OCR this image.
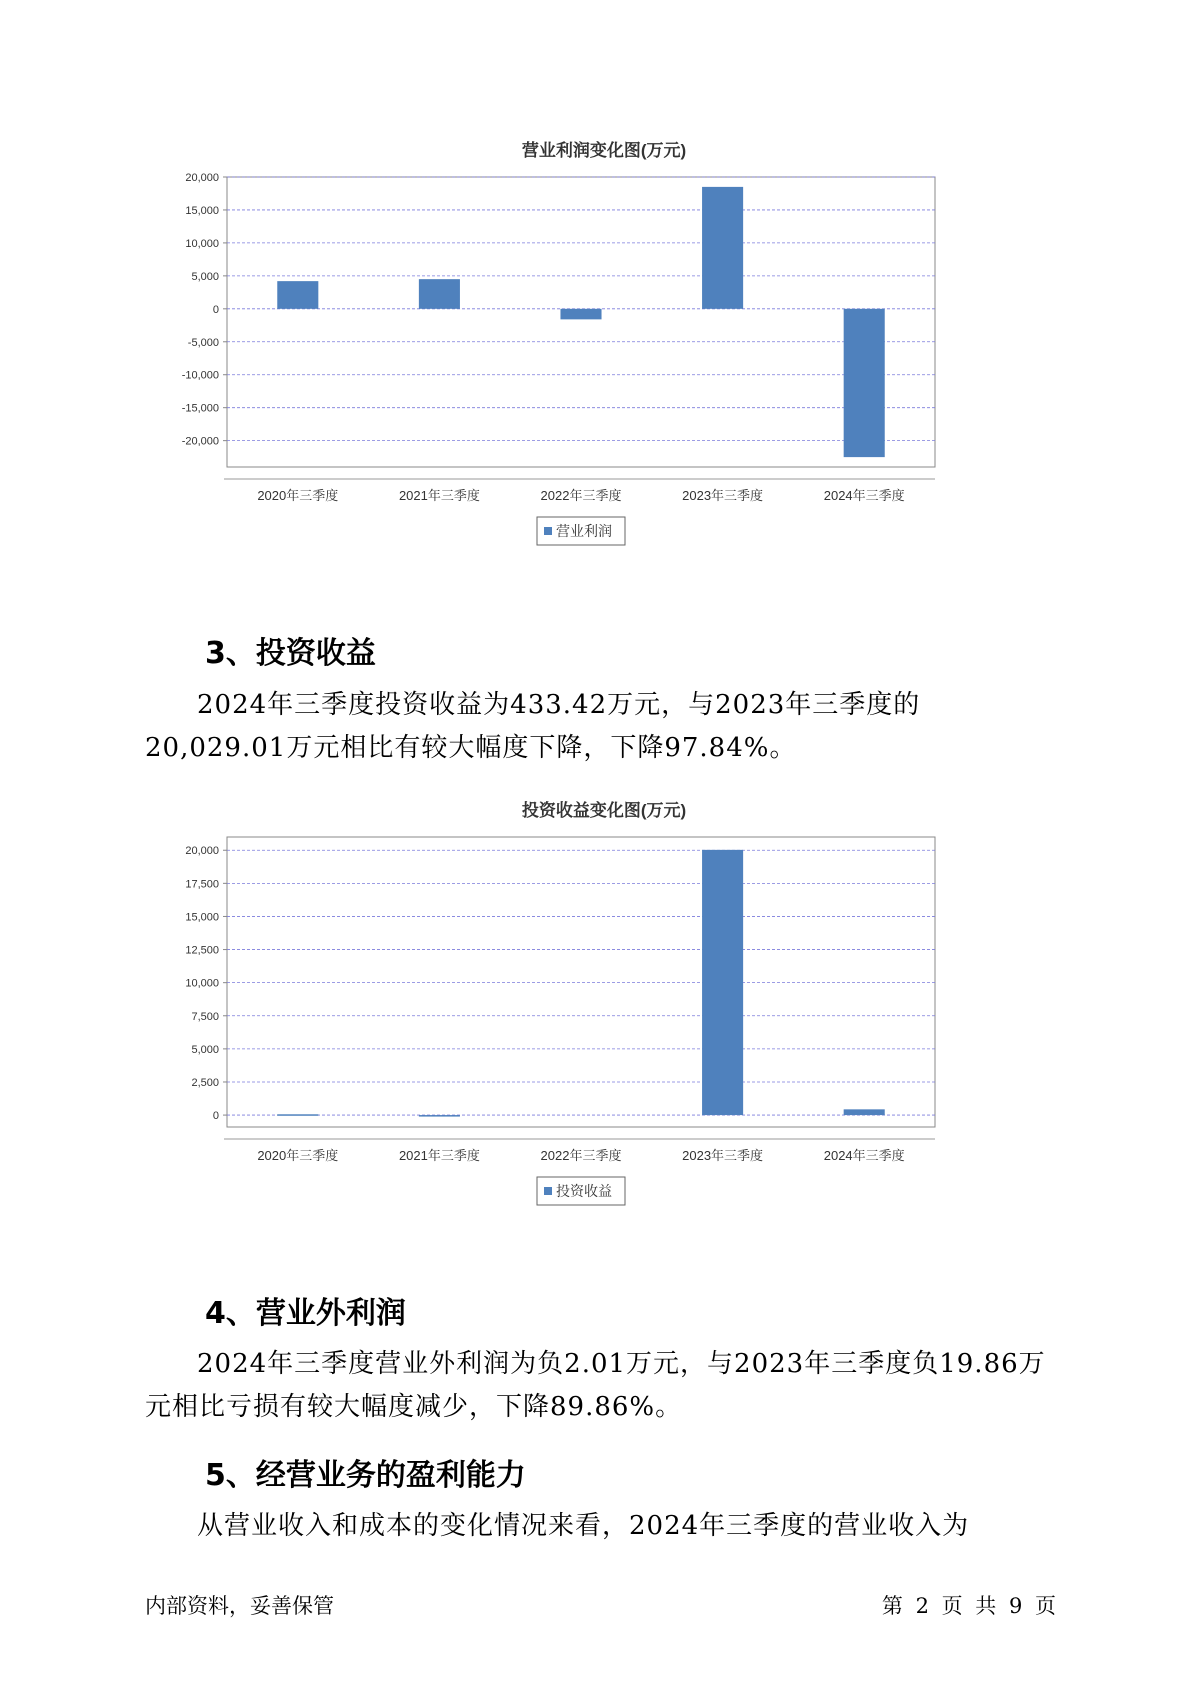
营业利润变化图(万元)
20,000
15,000
10,000
5,000
0
-5,000
-10,000
-15,000
-20,000
2020年三季度	2021年三季度	2022年三季度	2023年三季度	2024年三季度
营业利润
3、投资收益

2024年三季度投资收益为433.42万元，与2023年三季度的20,029.01万元相比有较大幅度下降，下降97.84%。

投资收益变化图(万元)
20,000
17,500
15,000
12,500
10,000
7,500
5,000
2,500
0
2020年三季度	2021年三季度	2022年三季度	2023年三季度	2024年三季度
投资收益
4、营业外利润

2024年三季度营业外利润为负2.01万元，与2023年三季度负19.86万元相比亏损有较大幅度减少，下降89.86%。

5、经营业务的盈利能力

从营业收入和成本的变化情况来看，2024年三季度的营业收入为

内部资料，妥善保管	第 2 页 共 9 页
